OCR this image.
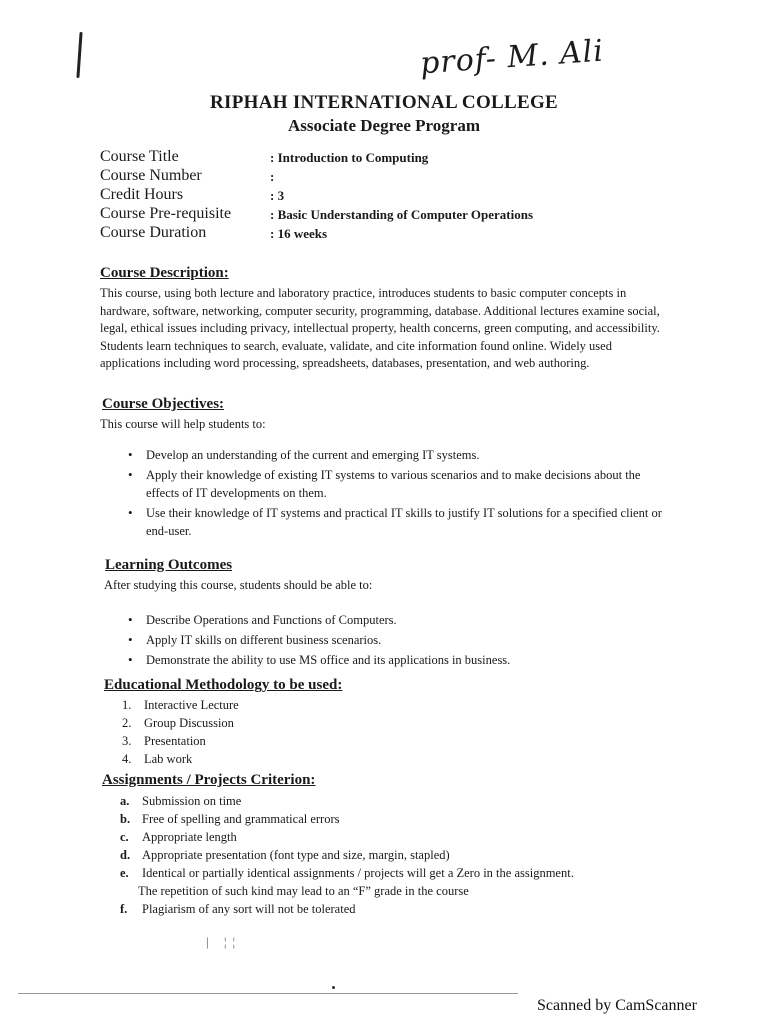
prof- M. Ali
RIPHAH INTERNATIONAL COLLEGE
Associate Degree Program
Course Title	: Introduction to Computing
Course Number	:
Credit Hours	: 3
Course Pre-requisite	: Basic Understanding of Computer Operations
Course Duration	: 16 weeks
Course Description:

This course, using both lecture and laboratory practice, introduces students to basic computer concepts in hardware, software, networking, computer security, programming, database. Additional lectures examine social, legal, ethical issues including privacy, intellectual property, health concerns, green computing, and accessibility. Students learn techniques to search, evaluate, validate, and cite information found online. Widely used applications including word processing, spreadsheets, databases, presentation, and web authoring.

Course Objectives:

This course will help students to:

• Develop an understanding of the current and emerging IT systems.
• Apply their knowledge of existing IT systems to various scenarios and to make decisions about the effects of IT developments on them.
• Use their knowledge of IT systems and practical IT skills to justify IT solutions for a specified client or end-user.
Learning Outcomes

After studying this course, students should be able to:

• Describe Operations and Functions of Computers.
• Apply IT skills on different business scenarios.
• Demonstrate the ability to use MS office and its applications in business.
Educational Methodology to be used:
1. Interactive Lecture
2. Group Discussion
3. Presentation
4. Lab work
Assignments / Projects Criterion:
a. Submission on time
b. Free of spelling and grammatical errors
c. Appropriate length
d. Appropriate presentation (font type and size, margin, stapled)
e. Identical or partially identical assignments / projects will get a Zero in the assignment.
The repetition of such kind may lead to an “F” grade in the course
f. Plagiarism of any sort will not be tolerated
| ¦¦
Scanned by CamScanner
